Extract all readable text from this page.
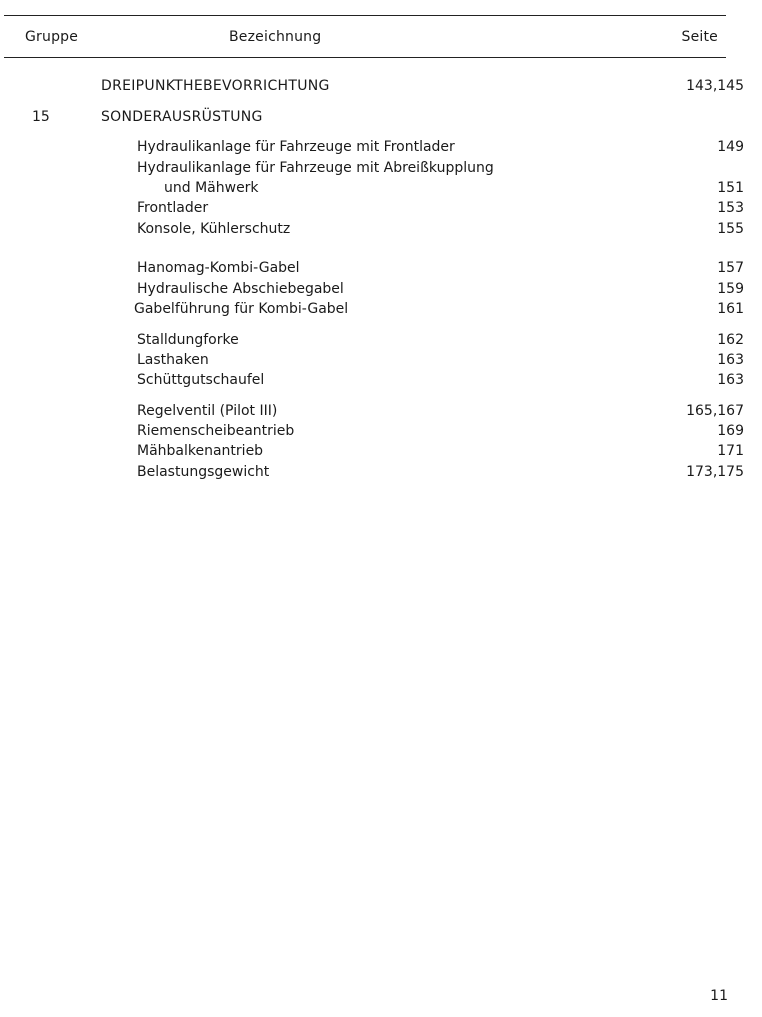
Gruppe	Bezeichnung	Seite
DREIPUNKTHEBEVORRICHTUNG	143,145
15	SONDERAUSRÜSTUNG
Hydraulikanlage für Fahrzeuge mit Frontlader	149
Hydraulikanlage für Fahrzeuge mit Abreißkupplung
und Mähwerk	151
Frontlader	153
Konsole, Kühlerschutz	155
Hanomag-Kombi-Gabel	157
Hydraulische Abschiebegabel	159
Gabelführung für Kombi-Gabel	161
Stalldungforke	162
Lasthaken	163
Schüttgutschaufel	163
Regelventil (Pilot III)	165,167
Riemenscheibeantrieb	169
Mähbalkenantrieb	171
Belastungsgewicht	173,175
11
